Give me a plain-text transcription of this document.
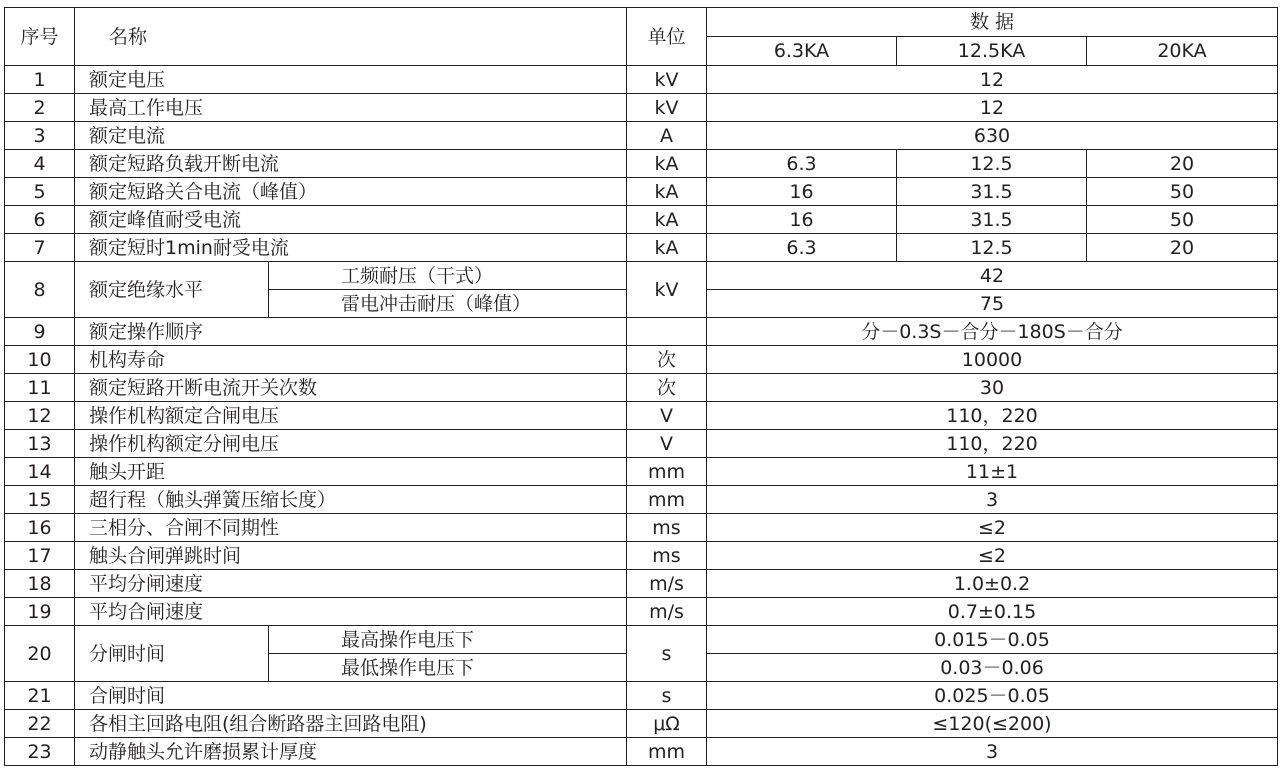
序号	名称		单位	数 据		
				6.3KA	12.5KA	20KA
1	额定电压		kV	12		
2	最高工作电压		kV	12		
3	额定电流		A	630		
4	额定短路负载开断电流		kA	6.3	12.5	20
5	额定短路关合电流（峰值）		kA	16	31.5	50
6	额定峰值耐受电流		kA	16	31.5	50
7	额定短时1min耐受电流		kA	6.3	12.5	20
8	额定绝缘水平	工频耐压（干式）	kV	42		
		雷电冲击耐压（峰值）		75		
9	额定操作顺序			分－0.3S－合分－180S－合分		
10	机构寿命		次	10000		
11	额定短路开断电流开关次数		次	30		
12	操作机构额定合闸电压		V	110，220		
13	操作机构额定分闸电压		V	110，220		
14	触头开距		mm	11±1		
15	超行程（触头弹簧压缩长度）		mm	3		
16	三相分、合闸不同期性		ms	≤2		
17	触头合闸弹跳时间		ms	≤2		
18	平均分闸速度		m/s	1.0±0.2		
19	平均合闸速度		m/s	0.7±0.15		
20	分闸时间	最高操作电压下	s	0.015－0.05		
		最低操作电压下		0.03－0.06		
21	合闸时间		s	0.025－0.05		
22	各相主回路电阻(组合断路器主回路电阻)		μΩ	≤120(≤200)		
23	动静触头允许磨损累计厚度		mm	3		
